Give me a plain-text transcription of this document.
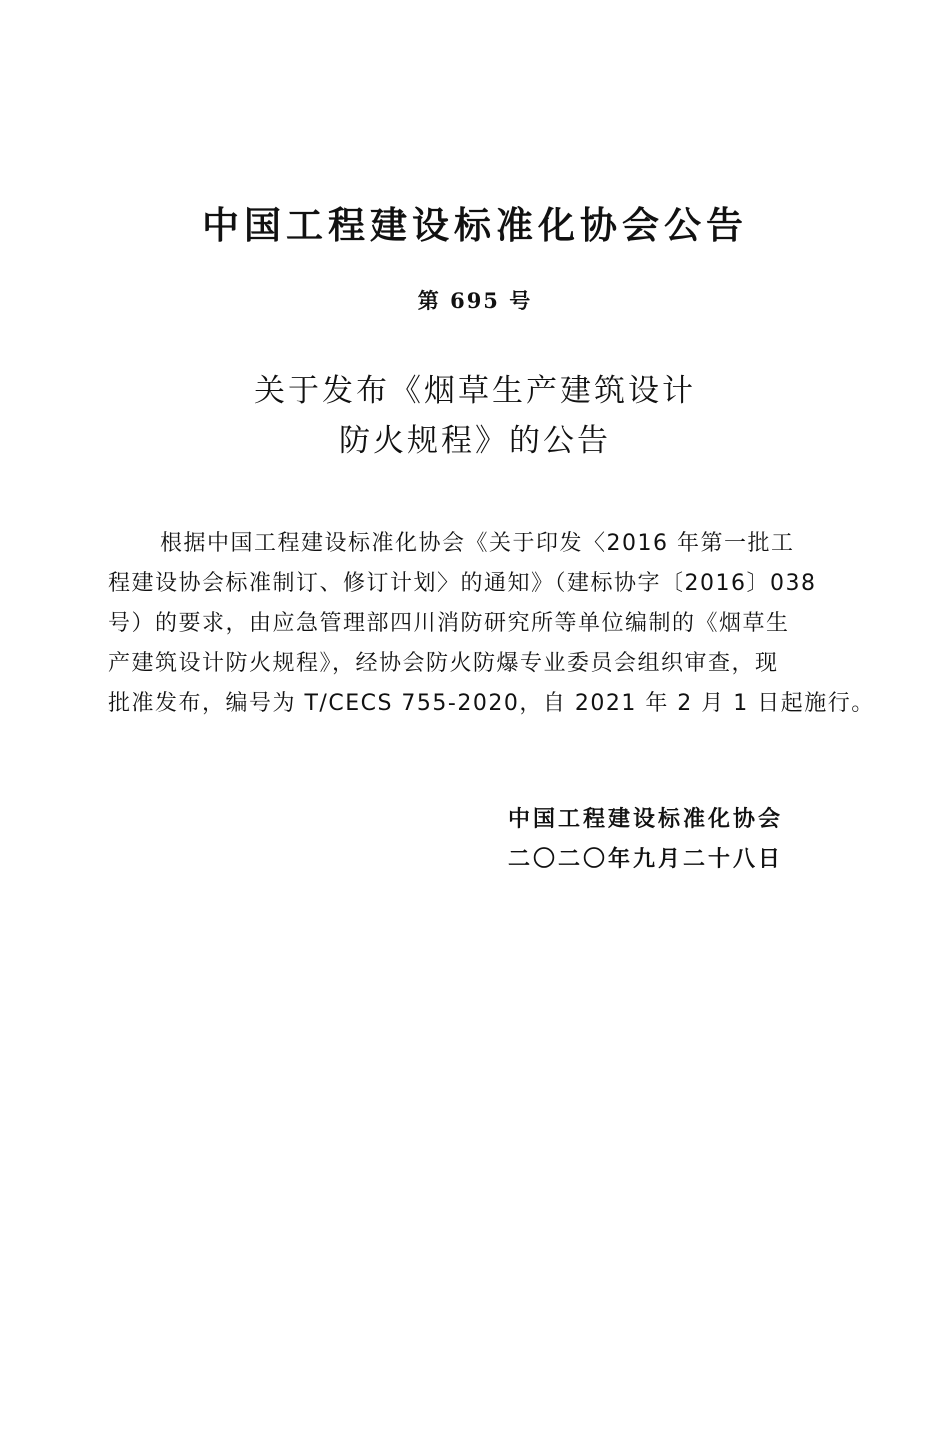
中国工程建设标准化协会公告
第 695 号
关于发布《烟草生产建筑设计
防火规程》的公告
根据中国工程建设标准化协会《关于印发〈2016 年第一批工
程建设协会标准制订、修订计划〉的通知》（建标协字〔2016〕038
号）的要求，由应急管理部四川消防研究所等单位编制的《烟草生
产建筑设计防火规程》，经协会防火防爆专业委员会组织审查，现
批准发布，编号为 T/CECS 755-2020，自 2021 年 2 月 1 日起施行。
中国工程建设标准化协会
二〇二〇年九月二十八日
